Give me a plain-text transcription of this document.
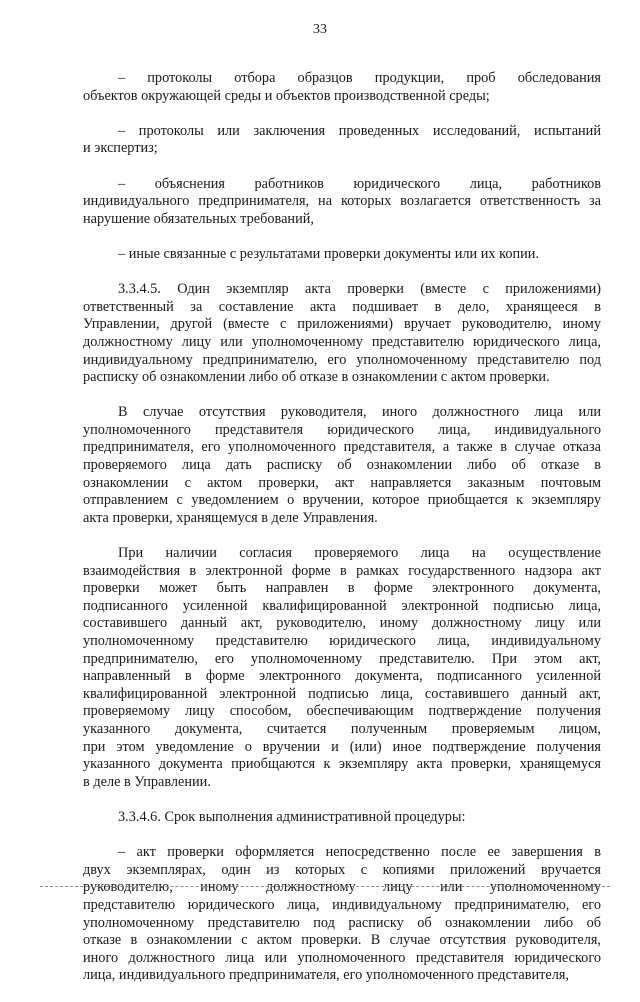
33
– протоколы отбора образцов продукции, проб обследования
объектов окружающей среды и объектов производственной среды;
– протоколы или заключения проведенных исследований, испытаний
и экспертиз;
– объяснения работников юридического лица, работников
индивидуального предпринимателя, на которых возлагается ответственность за
нарушение обязательных требований,
– иные связанные с результатами проверки документы или их копии.
3.3.4.5. Один экземпляр акта проверки (вместе с приложениями)
ответственный за составление акта подшивает в дело, хранящееся в
Управлении, другой (вместе с приложениями) вручает руководителю, иному
должностному лицу или уполномоченному представителю юридического лица,
индивидуальному предпринимателю, его уполномоченному представителю под
расписку об ознакомлении либо об отказе в ознакомлении с актом проверки.
В случае отсутствия руководителя, иного должностного лица или
уполномоченного представителя юридического лица, индивидуального
предпринимателя, его уполномоченного представителя, а также в случае отказа
проверяемого лица дать расписку об ознакомлении либо об отказе в
ознакомлении с актом проверки, акт направляется заказным почтовым
отправлением с уведомлением о вручении, которое приобщается к экземпляру
акта проверки, хранящемуся в деле Управления.
При наличии согласия проверяемого лица на осуществление
взаимодействия в электронной форме в рамках государственного надзора акт
проверки может быть направлен в форме электронного документа,
подписанного усиленной квалифицированной электронной подписью лица,
составившего данный акт, руководителю, иному должностному лицу или
уполномоченному представителю юридического лица, индивидуальному
предпринимателю, его уполномоченному представителю. При этом акт,
направленный в форме электронного документа, подписанного усиленной
квалифицированной электронной подписью лица, составившего данный акт,
проверяемому лицу способом, обеспечивающим подтверждение получения
указанного документа, считается полученным проверяемым лицом,
при этом уведомление о вручении и (или) иное подтверждение получения
указанного документа приобщаются к экземпляру акта проверки, хранящемуся
в деле в Управлении.
3.3.4.6. Срок выполнения административной процедуры:
– акт проверки оформляется непосредственно после ее завершения в
двух экземплярах, один из которых с копиями приложений вручается
руководителю, иному должностному лицу или уполномоченному
представителю юридического лица, индивидуальному предпринимателю, его
уполномоченному представителю под расписку об ознакомлении либо об
отказе в ознакомлении с актом проверки. В случае отсутствия руководителя,
иного должностного лица или уполномоченного представителя юридического
лица, индивидуального предпринимателя, его уполномоченного представителя,
